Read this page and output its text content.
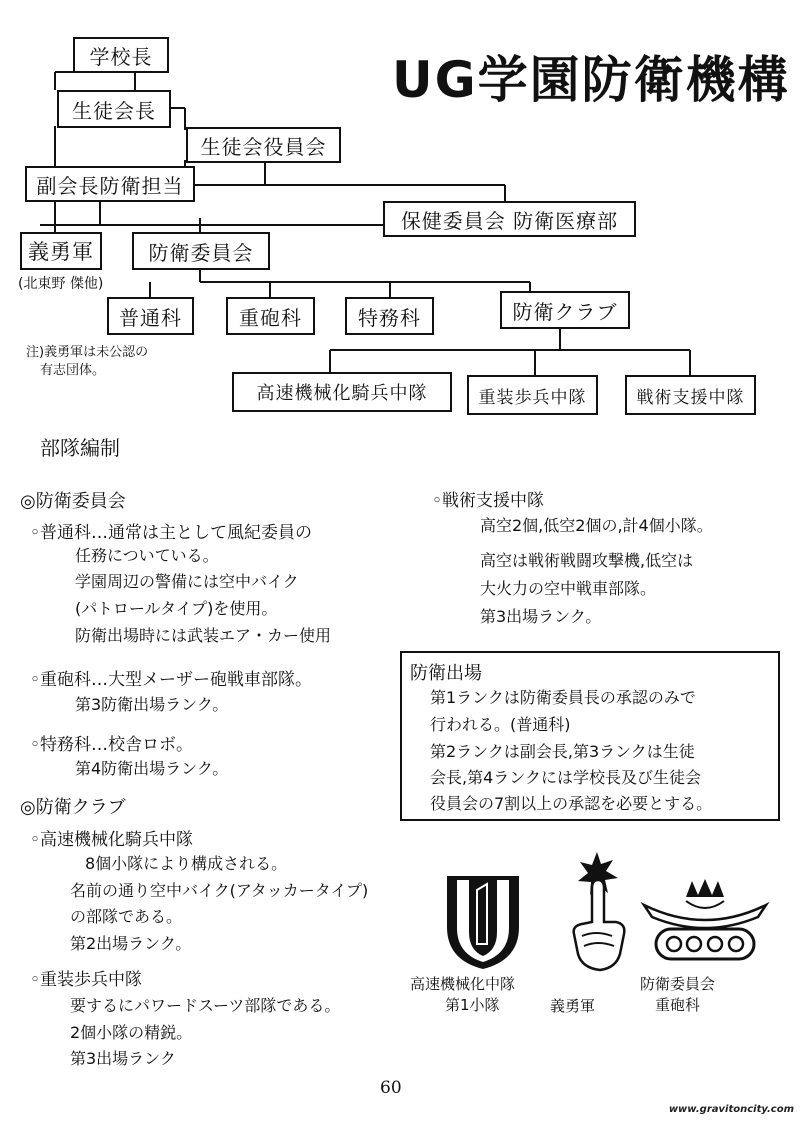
UG学園防衛機構
学校長
生徒会長
生徒会役員会
副会長防衛担当
保健委員会 防衛医療部
義勇軍
(北東野 傑他)
防衛委員会
普通科	重砲科	特務科	防衛クラブ
高速機械化騎兵中隊	重装歩兵中隊	戦術支援中隊
注)義勇軍は未公認の
有志団体。
部隊編制
◎防衛委員会
◦普通科…通常は主として風紀委員の
任務についている。
学園周辺の警備には空中バイク
(パトロールタイプ)を使用。
防衛出場時には武装エア・カー使用
◦重砲科…大型メーザー砲戦車部隊。
第3防衛出場ランク。
◦特務科…校舎ロボ。
第4防衛出場ランク。
◎防衛クラブ
◦高速機械化騎兵中隊
8個小隊により構成される。
名前の通り空中バイク(アタッカータイプ)
の部隊である。
第2出場ランク。
◦重装歩兵中隊
要するにパワードスーツ部隊である。
2個小隊の精鋭。
第3出場ランク
◦戦術支援中隊
高空2個,低空2個の,計4個小隊。
高空は戦術戦闘攻撃機,低空は
大火力の空中戦車部隊。
第3出場ランク。
防衛出場
第1ランクは防衛委員長の承認のみで
行われる。(普通科)
第2ランクは副会長,第3ランクは生徒
会長,第4ランクには学校長及び生徒会
役員会の7割以上の承認を必要とする。
高速機械化中隊
第1小隊	義勇軍
防衛委員会
重砲科
60
www.gravitoncity.com
